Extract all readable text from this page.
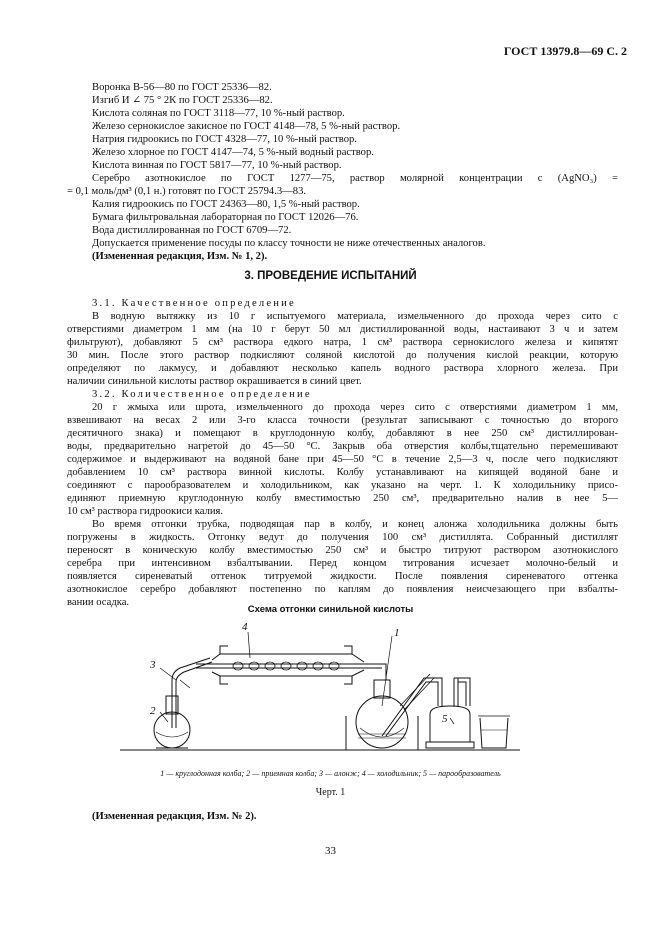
ГОСТ 13979.8—69 С. 2
Воронка В-56—80 по ГОСТ 25336—82.
Изгиб И ∠ 75 ° 2К по ГОСТ 25336—82.
Кислота соляная по ГОСТ 3118—77, 10 %-ный раствор.
Железо сернокислое закисное по ГОСТ 4148—78, 5 %-ный раствор.
Натрия гидроокись по ГОСТ 4328—77, 10 %-ный раствор.
Железо хлорное по ГОСТ 4147—74, 5 %-ный водный раствор.
Кислота винная по ГОСТ 5817—77, 10 %-ный раствор.
Серебро азотнокислое по ГОСТ 1277—75, раствор молярной концентрации c (AgNO₃) =
= 0,1 моль/дм³ (0,1 н.) готовят по ГОСТ 25794.3—83.
Калия гидроокись по ГОСТ 24363—80, 1,5 %-ный раствор.
Бумага фильтровальная лабораторная по ГОСТ 12026—76.
Вода дистиллированная по ГОСТ 6709—72.
Допускается применение посуды по классу точности не ниже отечественных аналогов.
(Измененная редакция, Изм. № 1, 2).
3. ПРОВЕДЕНИЕ ИСПЫТАНИЙ
3.1. Качественное определение
В водную вытяжку из 10 г испытуемого материала, измельченного до прохода через сито с
отверстиями диаметром 1 мм (на 10 г берут 50 мл дистиллированной воды, настаивают 3 ч и затем
фильтруют), добавляют 5 см³ раствора едкого натра, 1 см³ раствора сернокислого железа и кипятят
30 мин. После этого раствор подкисляют соляной кислотой до получения кислой реакции, которую
определяют по лакмусу, и добавляют несколько капель водного раствора хлорного железа. При
наличии синильной кислоты раствор окрашивается в синий цвет.
3.2. Количественное определение
20 г жмыха или шрота, измельченного до прохода через сито с отверстиями диаметром 1 мм,
взвешивают на весах 2 или 3-го класса точности (результат записывают с точностью до второго
десятичного знака) и помещают в круглодонную колбу, добавляют в нее 250 см³ дистиллирован-
воды, предварительно нагретой до 45—50 °С. Закрыв оба отверстия колбы,тщательно перемешивают
содержимое и выдерживают на водяной бане при 45—50 °С в течение 2,5—3 ч, после чего подкисляют
добавлением 10 см³ раствора винной кислоты. Колбу устанавливают на кипящей водяной бане и
соединяют с парообразователем и холодильником, как указано на черт. 1. К холодильнику присо-
единяют приемную круглодонную колбу вместимостью 250 см³, предварительно налив в нее 5—
10 см³ раствора гидроокиси калия.
Во время отгонки трубка, подводящая пар в колбу, и конец алонжа холодильника должны быть
погружены в жидкость. Отгонку ведут до получения 100 см³ дистиллята. Собранный дистиллят
переносят в коническую колбу вместимостью 250 см³ и быстро титруют раствором азотнокислого
серебра при интенсивном взбалтывании. Перед концом титрования исчезает молочно-белый и
появляется сиреневатый оттенок титруемой жидкости. После появления сиреневатого оттенка
азотнокислое серебро добавляют постепенно по каплям до появления неисчезающего при взбалты-
вании осадка.
Схема отгонки синильной кислоты
1
2
3
4
5
1 — круглодонная колба; 2 — приемная колба; 3 — алонж; 4 — холодильник; 5 — парообразователь
Черт. 1
(Измененная редакция, Изм. № 2).
33
